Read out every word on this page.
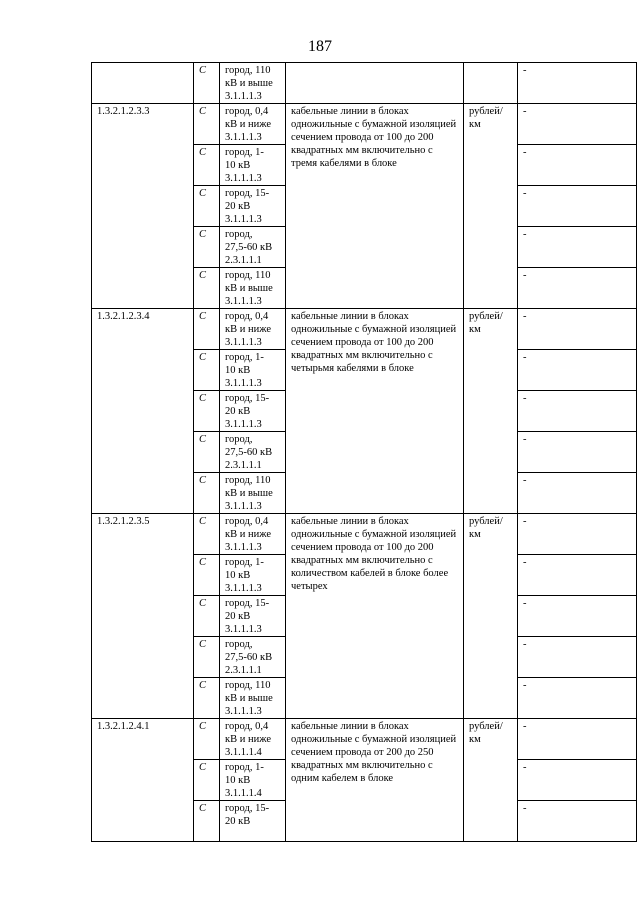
187
	С	город, 110
кВ и выше
3.1.1.1.3			-
1.3.2.1.2.3.3	С	город, 0,4
кВ и ниже
3.1.1.1.3	кабельные линии в блоках одножильные с бумажной изоляцией сечением провода от 100 до 200 квадратных мм включительно с тремя кабелями в блоке	рублей/ км	-
	С	город, 1-
10 кВ
3.1.1.1.3			-
	С	город, 15-
20 кВ
3.1.1.1.3			-
	С	город,
27,5-60 кВ
2.3.1.1.1			-
	С	город, 110
кВ и выше
3.1.1.1.3			-
1.3.2.1.2.3.4	С	город, 0,4
кВ и ниже
3.1.1.1.3	кабельные линии в блоках одножильные с бумажной изоляцией сечением провода от 100 до 200 квадратных мм включительно с четырьмя кабелями в блоке	рублей/ км	-
	С	город, 1-
10 кВ
3.1.1.1.3			-
	С	город, 15-
20 кВ
3.1.1.1.3			-
	С	город,
27,5-60 кВ
2.3.1.1.1			-
	С	город, 110
кВ и выше
3.1.1.1.3			-
1.3.2.1.2.3.5	С	город, 0,4
кВ и ниже
3.1.1.1.3	кабельные линии в блоках одножильные с бумажной изоляцией сечением провода от 100 до 200 квадратных мм включительно с количеством кабелей в блоке более четырех	рублей/ км	-
	С	город, 1-
10 кВ
3.1.1.1.3			-
	С	город, 15-
20 кВ
3.1.1.1.3			-
	С	город,
27,5-60 кВ
2.3.1.1.1			-
	С	город, 110
кВ и выше
3.1.1.1.3			-
1.3.2.1.2.4.1	С	город, 0,4
кВ и ниже
3.1.1.1.4	кабельные линии в блоках одножильные с бумажной изоляцией сечением провода от 200 до 250 квадратных мм включительно с одним кабелем в блоке	рублей/ км	-
	С	город, 1-
10 кВ
3.1.1.1.4			-
	С	город, 15-
20 кВ			-
